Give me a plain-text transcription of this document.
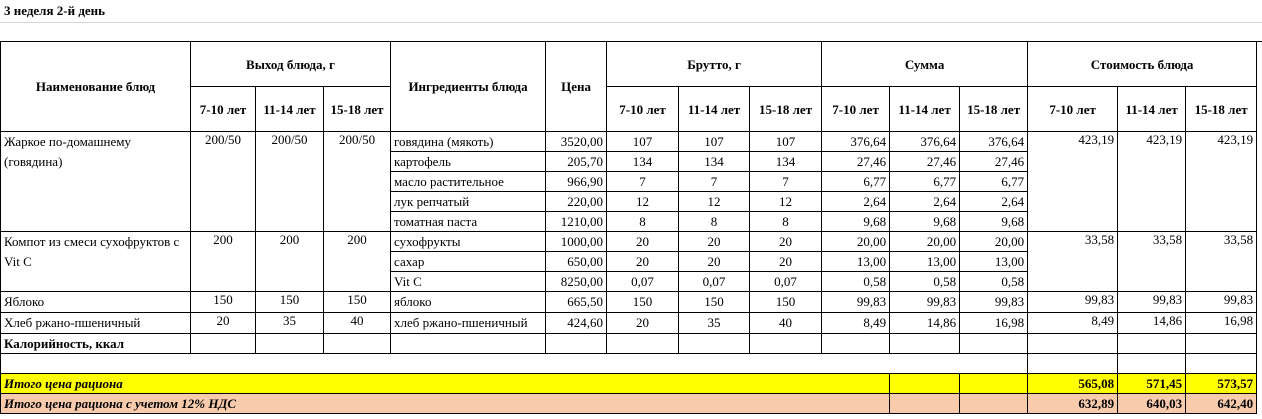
3 неделя 2-й день
Наименование блюд	Выход блюда, г			Ингредиенты блюда	Цена	Брутто, г			Сумма			Стоимость блюда		
	7-10 лет	11-14 лет	15-18 лет			7-10 лет	11-14 лет	15-18 лет	7-10 лет	11-14 лет	15-18 лет	7-10 лет	11-14 лет	15-18 лет
Жаркое по-домашнему (говядина)	200/50	200/50	200/50	говядина (мякоть)	3520,00	107	107	107	376,64	376,64	376,64	423,19	423,19	423,19
				картофель	205,70	134	134	134	27,46	27,46	27,46			
				масло растительное	966,90	7	7	7	6,77	6,77	6,77			
				лук репчатый	220,00	12	12	12	2,64	2,64	2,64			
				томатная паста	1210,00	8	8	8	9,68	9,68	9,68			
Компот из смеси сухофруктов с Vit C	200	200	200	сухофрукты	1000,00	20	20	20	20,00	20,00	20,00	33,58	33,58	33,58
				сахар	650,00	20	20	20	13,00	13,00	13,00			
				Vit C	8250,00	0,07	0,07	0,07	0,58	0,58	0,58			
Яблоко	150	150	150	яблоко	665,50	150	150	150	99,83	99,83	99,83	99,83	99,83	99,83
Хлеб ржано-пшеничный	20	35	40	хлеб ржано-пшеничный	424,60	20	35	40	8,49	14,86	16,98	8,49	14,86	16,98
Калорийность, ккал														

Итого цена рациона												565,08	571,45	573,57
Итого цена рациона с учетом 12% НДС												632,89	640,03	642,40
